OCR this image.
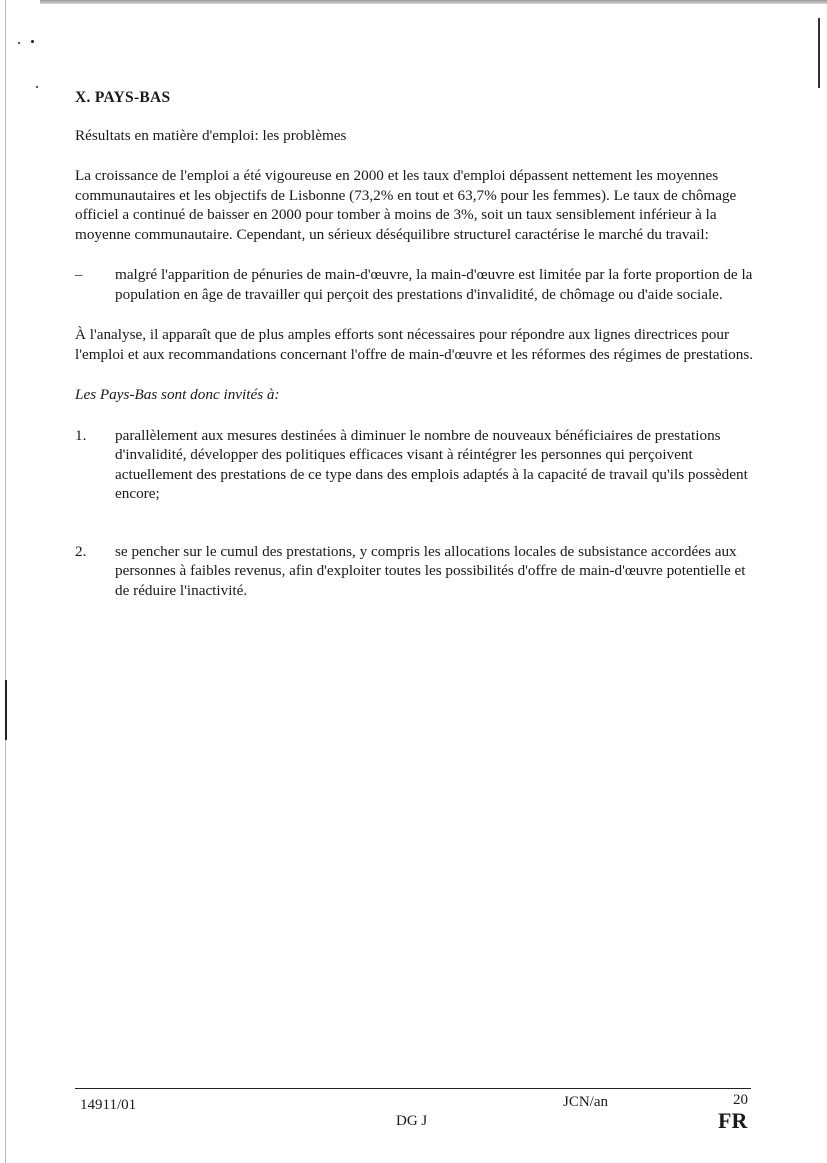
X. PAYS-BAS
Résultats en matière d'emploi: les problèmes
La croissance de l'emploi a été vigoureuse en 2000 et les taux d'emploi dépassent nettement les moyennes communautaires et les objectifs de Lisbonne (73,2% en tout et 63,7% pour les femmes). Le taux de chômage officiel a continué de baisser en 2000 pour tomber à moins de 3%, soit un taux sensiblement inférieur à la moyenne communautaire. Cependant, un sérieux déséquilibre structurel caractérise le marché du travail:
–	malgré l'apparition de pénuries de main-d'œuvre, la main-d'œuvre est limitée par la forte proportion de la population en âge de travailler qui perçoit des prestations d'invalidité, de chômage ou d'aide sociale.
À l'analyse, il apparaît que de plus amples efforts sont nécessaires pour répondre aux lignes directrices pour l'emploi et aux recommandations concernant l'offre de main-d'œuvre et les réformes des régimes de prestations.
Les Pays-Bas sont donc invités à:
1.	parallèlement aux mesures destinées à diminuer le nombre de nouveaux bénéficiaires de prestations d'invalidité, développer des politiques efficaces visant à réintégrer les personnes qui perçoivent actuellement des prestations de ce type dans des emplois adaptés à la capacité de travail qu'ils possèdent encore;
2.	se pencher sur le cumul des prestations, y compris les allocations locales de subsistance accordées aux personnes à faibles revenus, afin d'exploiter toutes les possibilités d'offre de main-d'œuvre potentielle et de réduire l'inactivité.
14911/01
DG J
JCN/an	20
FR
